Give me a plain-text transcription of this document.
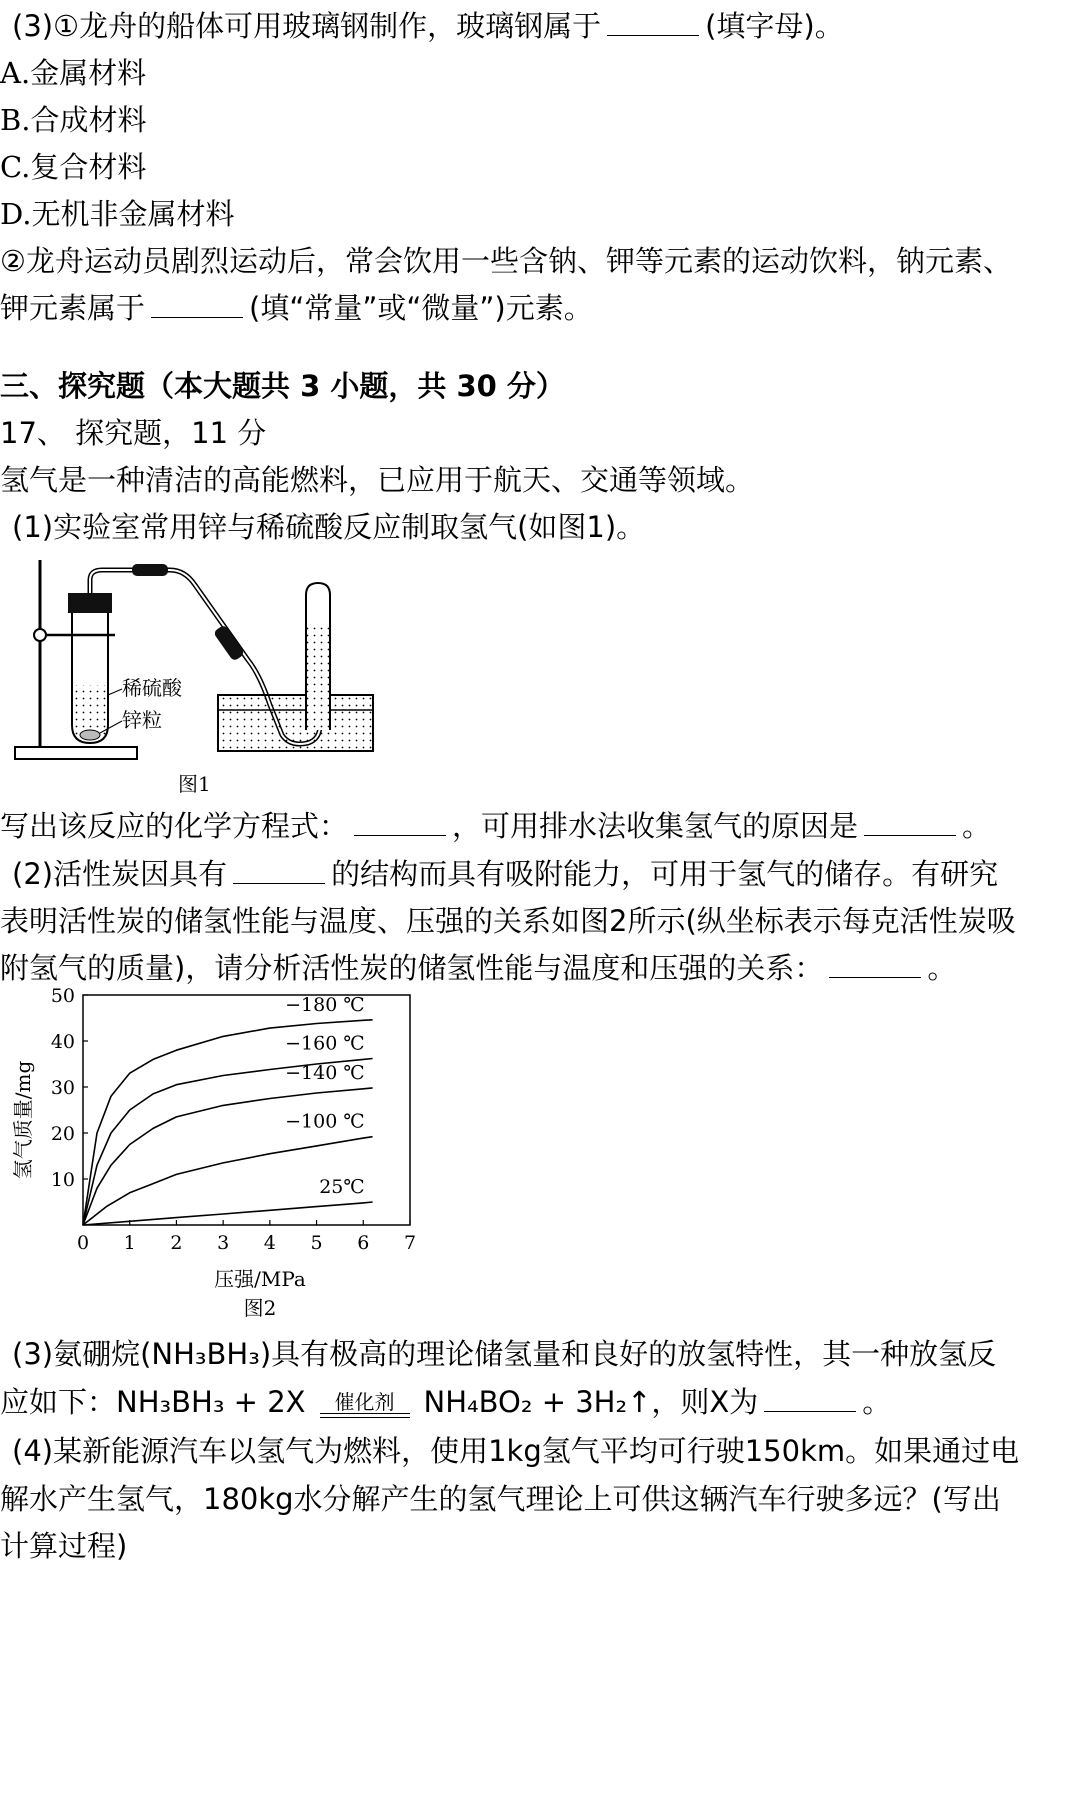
(3)①龙舟的船体可用玻璃钢制作，玻璃钢属于	(填字母)。
A.金属材料
B.合成材料
C.复合材料
D.无机非金属材料
②龙舟运动员剧烈运动后，常会饮用一些含钠、钾等元素的运动饮料，钠元素、
钾元素属于	(填“常量”或“微量”)元素。
三、探究题（本大题共 3 小题，共 30 分）
17、 探究题，11 分
氢气是一种清洁的高能燃料，已应用于航天、交通等领域。
(1)实验室常用锌与稀硫酸反应制取氢气(如图1)。
稀硫酸
锌粒
图1
写出该反应的化学方程式：	，可用排水法收集氢气的原因是	。
(2)活性炭因具有	的结构而具有吸附能力，可用于氢气的储存。有研究
表明活性炭的储氢性能与温度、压强的关系如图2所示(纵坐标表示每克活性炭吸
附氢气的质量)，请分析活性炭的储氢性能与温度和压强的关系：	。
0 1 2 3 4 5 6 7
10
20
30
40
50	−180 ℃
−160 ℃
−140 ℃
−100 ℃
25℃
压强/MPa
氢气质量/mg
图2
(3)氨硼烷(NH₃BH₃)具有极高的理论储氢量和良好的放氢特性，其一种放氢反
应如下：NH₃BH₃ + 2X	催化剂	NH₄BO₂ + 3H₂↑，则X为	。
(4)某新能源汽车以氢气为燃料，使用1kg氢气平均可行驶150km。如果通过电
解水产生氢气，180kg水分解产生的氢气理论上可供这辆汽车行驶多远？(写出
计算过程)
